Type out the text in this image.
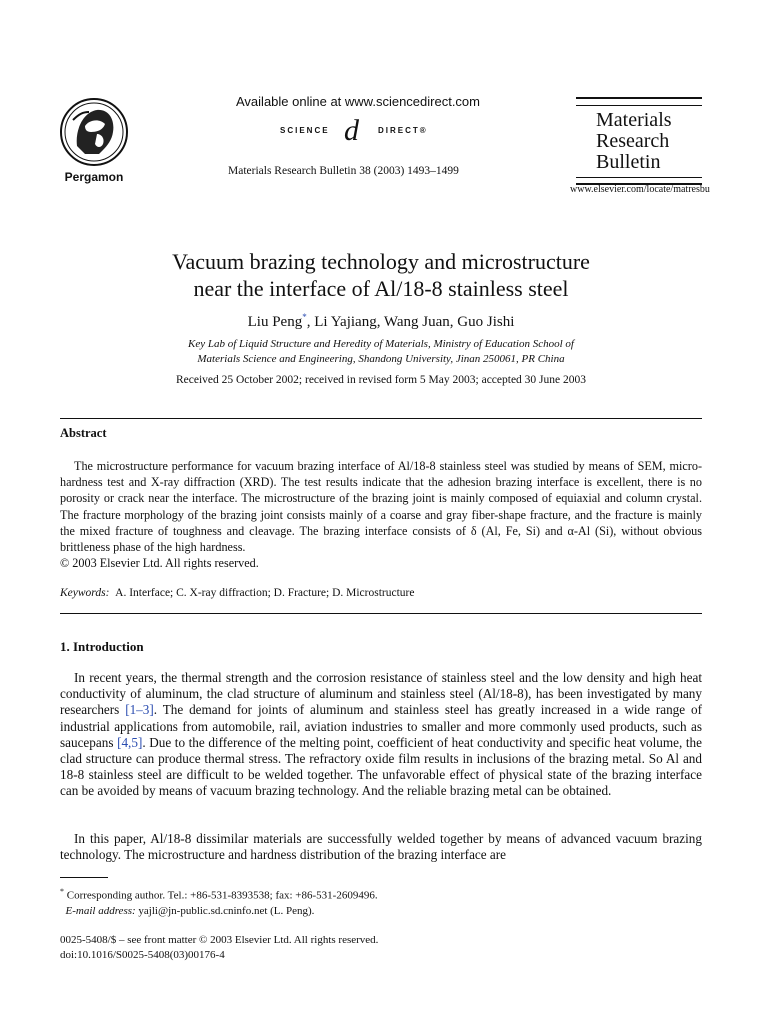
Pergamon
Available online at www.sciencedirect.com
SCIENCE d DIRECT®
Materials Research Bulletin 38 (2003) 1493–1499
Materials
Research
Bulletin
www.elsevier.com/locate/matresbu
Vacuum brazing technology and microstructure
near the interface of Al/18-8 stainless steel
Liu Peng*, Li Yajiang, Wang Juan, Guo Jishi
Key Lab of Liquid Structure and Heredity of Materials, Ministry of Education School of
Materials Science and Engineering, Shandong University, Jinan 250061, PR China
Received 25 October 2002; received in revised form 5 May 2003; accepted 30 June 2003
Abstract
The microstructure performance for vacuum brazing interface of Al/18-8 stainless steel was studied by means of SEM, micro-hardness test and X-ray diffraction (XRD). The test results indicate that the adhesion brazing interface is excellent, there is no porosity or crack near the interface. The microstructure of the brazing joint is mainly composed of equiaxial and column crystal. The fracture morphology of the brazing joint consists mainly of a coarse and gray fiber-shape fracture, and the fracture is mainly the mixed fracture of toughness and cleavage. The brazing interface consists of δ (Al, Fe, Si) and α-Al (Si), without obvious brittleness phase of the high hardness.
© 2003 Elsevier Ltd. All rights reserved.
Keywords: A. Interface; C. X-ray diffraction; D. Fracture; D. Microstructure
1. Introduction
In recent years, the thermal strength and the corrosion resistance of stainless steel and the low density and high heat conductivity of aluminum, the clad structure of aluminum and stainless steel (Al/18-8), has been investigated by many researchers [1–3]. The demand for joints of aluminum and stainless steel has greatly increased in a wide range of industrial applications from automobile, rail, aviation industries to smaller and more commonly used products, such as saucepans [4,5]. Due to the difference of the melting point, coefficient of heat conductivity and specific heat volume, the clad structure can produce thermal stress. The refractory oxide film results in inclusions of the brazing metal. So Al and 18-8 stainless steel are difficult to be welded together. The unfavorable effect of physical state of the brazing interface can be avoided by means of vacuum brazing technology. And the reliable brazing metal can be obtained.
In this paper, Al/18-8 dissimilar materials are successfully welded together by means of advanced vacuum brazing technology. The microstructure and hardness distribution of the brazing interface are
* Corresponding author. Tel.: +86-531-8393538; fax: +86-531-2609496.
E-mail address: yajli@jn-public.sd.cninfo.net (L. Peng).
0025-5408/$ – see front matter © 2003 Elsevier Ltd. All rights reserved.
doi:10.1016/S0025-5408(03)00176-4
